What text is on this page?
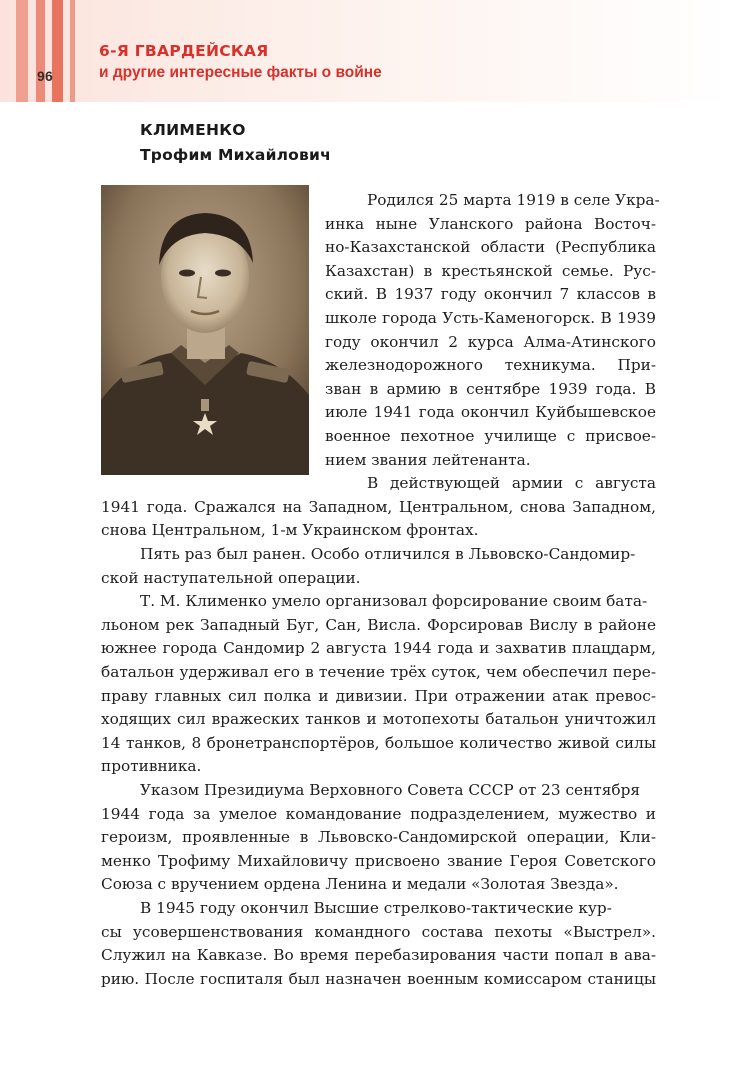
96
6-Я ГВАРДЕЙСКАЯ
и другие интересные факты о войне
КЛИМЕНКО
Трофим Михайлович
Родился 25 марта 1919 в селе Укра-
инка ныне Уланского района Восточ-
но-Казахстанской области (Республика
Казахстан) в крестьянской семье. Рус-
ский. В 1937 году окончил 7 классов в
школе города Усть-Каменогорск. В 1939
году окончил 2 курса Алма-Атинского
железнодорожного техникума. При-
зван в армию в сентябре 1939 года. В
июле 1941 года окончил Куйбышевское
военное пехотное училище с присвое-
нием звания лейтенанта.
В действующей армии с августа
1941 года. Сражался на Западном, Центральном, снова Западном,
снова Центральном, 1-м Украинском фронтах.
Пять раз был ранен. Особо отличился в Львовско-Сандомир-
ской наступательной операции.
Т. М. Клименко умело организовал форсирование своим бата-
льоном рек Западный Буг, Сан, Висла. Форсировав Вислу в районе
южнее города Сандомир 2 августа 1944 года и захватив плацдарм,
батальон удерживал его в течение трёх суток, чем обеспечил пере-
праву главных сил полка и дивизии. При отражении атак превос-
ходящих сил вражеских танков и мотопехоты батальон уничтожил
14 танков, 8 бронетранспортёров, большое количество живой силы
противника.
Указом Президиума Верховного Совета СССР от 23 сентября
1944 года за умелое командование подразделением, мужество и
героизм, проявленные в Львовско-Сандомирской операции, Кли-
менко Трофиму Михайловичу присвоено звание Героя Советского
Союза с вручением ордена Ленина и медали «Золотая Звезда».
В 1945 году окончил Высшие стрелково-тактические кур-
сы усовершенствования командного состава пехоты «Выстрел».
Служил на Кавказе. Во время перебазирования части попал в ава-
рию. После госпиталя был назначен военным комиссаром станицы
